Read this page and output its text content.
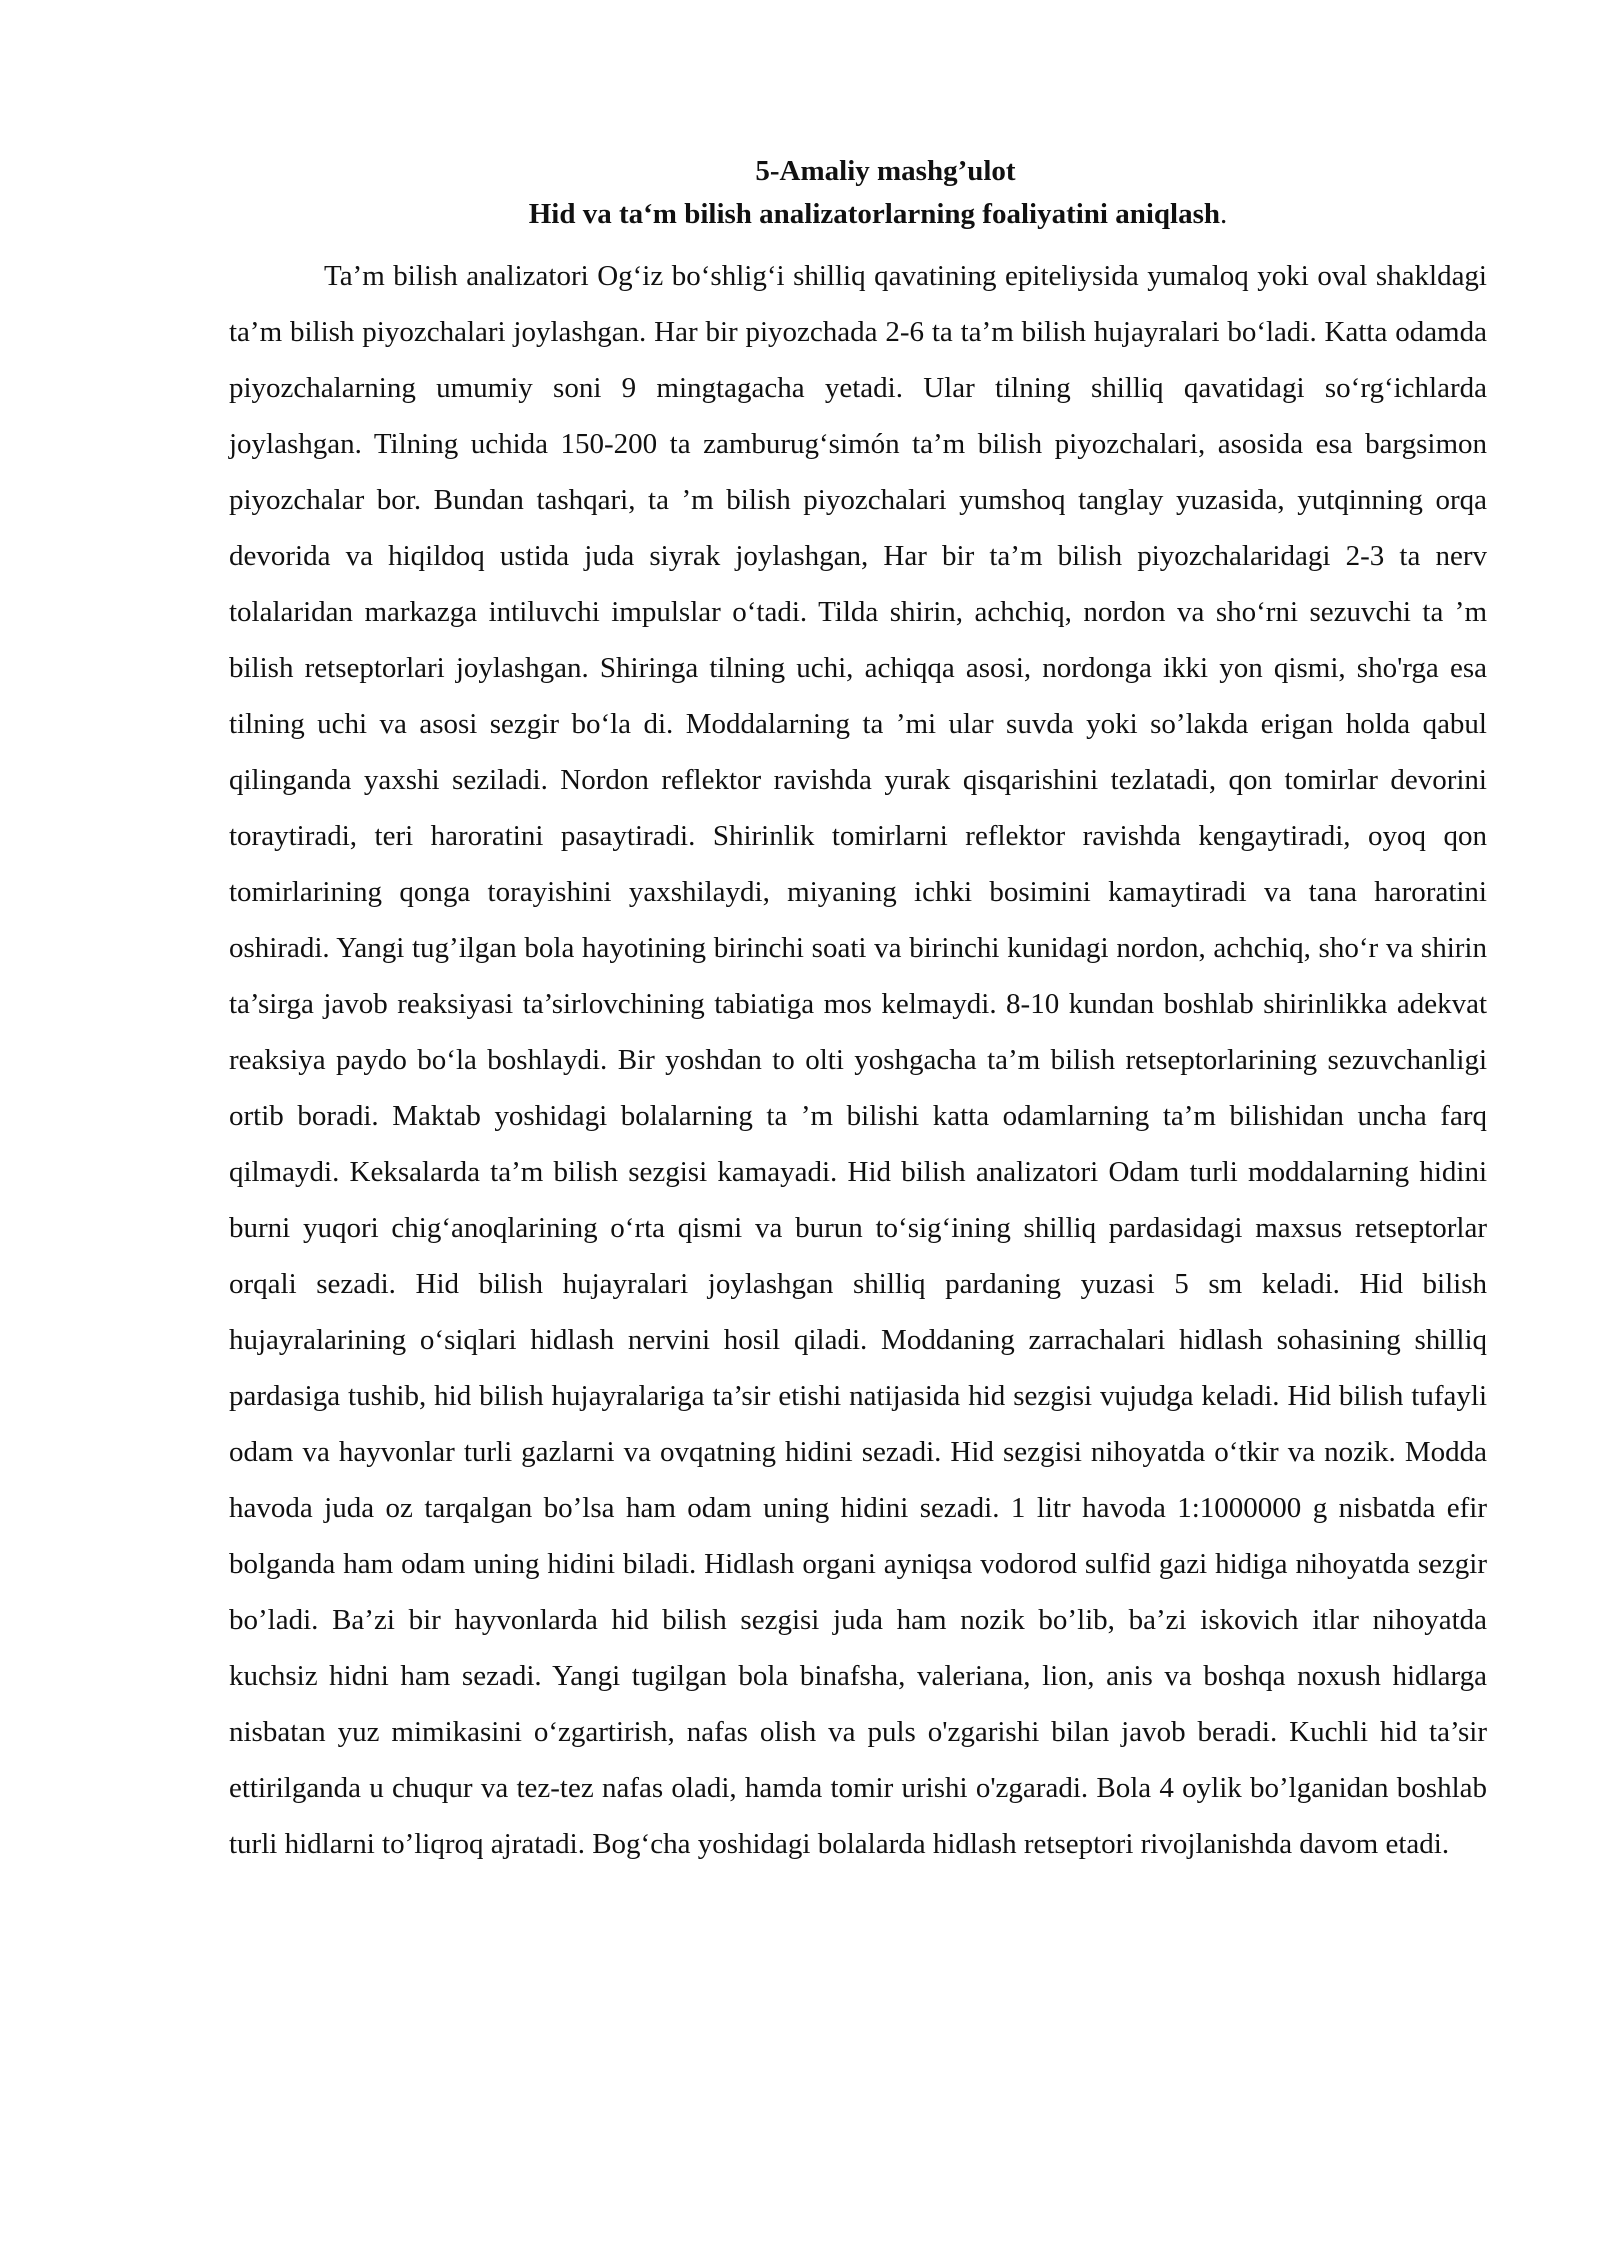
5-Amaliy mashg’ulot

Hid va ta‘m bilish analizatorlarning foaliyatini aniqlash.

Ta’m bilish analizatori Og‘iz bo‘shlig‘i shilliq qavatining epiteliysida yumaloq yoki oval shakldagi ta’m bilish piyozchalari joylashgan. Har bir piyozchada 2-6 ta ta’m bilish hujayralari bo‘ladi. Katta odamda piyozchalarning umumiy soni 9 mingtagacha yetadi. Ular tilning shilliq qavatidagi so‘rg‘ichlarda joylashgan. Tilning uchida 150-200 ta zamburug‘simón ta’m bilish piyozchalari, asosida esa bargsimon piyozchalar bor. Bundan tashqari, ta ’m bilish piyozchalari yumshoq tanglay yuzasida, yutqinning orqa devorida va hiqildoq ustida juda siyrak joylashgan, Har bir ta’m bilish piyozchalaridagi 2-3 ta nerv tolalaridan markazga intiluvchi impulslar o‘tadi. Tilda shirin, achchiq, nordon va sho‘rni sezuvchi ta ’m bilish retseptorlari joylashgan. Shiringa tilning uchi, achiqqa asosi, nordonga ikki yon qismi, sho'rga esa tilning uchi va asosi sezgir bo‘la di. Moddalarning ta ’mi ular suvda yoki so’lakda erigan holda qabul qilinganda yaxshi seziladi. Nordon reflektor ravishda yurak qisqarishini tezlatadi, qon tomirlar devorini toraytiradi, teri haroratini pasaytiradi. Shirinlik tomirlarni reflektor ravishda kengaytiradi, oyoq qon tomirlarining qonga torayishini yaxshilaydi, miyaning ichki bosimini kamaytiradi va tana haroratini oshiradi. Yangi tug’ilgan bola hayotining birinchi soati va birinchi kunidagi nordon, achchiq, sho‘r va shirin ta’sirga javob reaksiyasi ta’sirlovchining tabiatiga mos kelmaydi. 8-10 kundan boshlab shirinlikka adekvat reaksiya paydo bo‘la boshlaydi. Bir yoshdan to olti yoshgacha ta’m bilish retseptorlarining sezuvchanligi ortib boradi. Maktab yoshidagi bolalarning ta ’m bilishi katta odamlarning ta’m bilishidan uncha farq qilmaydi. Keksalarda ta’m bilish sezgisi kamayadi. Hid bilish analizatori Odam turli moddalarning hidini burni yuqori chig‘anoqlarining o‘rta qismi va burun to‘sig‘ining shilliq pardasidagi maxsus retseptorlar orqali sezadi. Hid bilish hujayralari joylashgan shilliq pardaning yuzasi 5 sm keladi. Hid bilish hujayralarining o‘siqlari hidlash nervini hosil qiladi. Moddaning zarrachalari hidlash sohasining shilliq pardasiga tushib, hid bilish hujayralariga ta’sir etishi natijasida hid sezgisi vujudga keladi. Hid bilish tufayli odam va hayvonlar turli gazlarni va ovqatning hidini sezadi. Hid sezgisi nihoyatda o‘tkir va nozik. Modda havoda juda oz tarqalgan bo’lsa ham odam uning hidini sezadi. 1 litr havoda 1:1000000 g nisbatda efir bolganda ham odam uning hidini biladi. Hidlash organi ayniqsa vodorod sulfid gazi hidiga nihoyatda sezgir bo’ladi. Ba’zi bir hayvonlarda hid bilish sezgisi juda ham nozik bo’lib, ba’zi iskovich itlar nihoyatda kuchsiz hidni ham sezadi. Yangi tugilgan bola binafsha, valeriana, lion, anis va boshqa noxush hidlarga nisbatan yuz mimikasini o‘zgartirish, nafas olish va puls o'zgarishi bilan javob beradi. Kuchli hid ta’sir ettirilganda u chuqur va tez-tez nafas oladi, hamda tomir urishi o'zgaradi. Bola 4 oylik bo’lganidan boshlab turli hidlarni to’liqroq ajratadi. Bog‘cha yoshidagi bolalarda hidlash retseptori rivojlanishda davom etadi.
